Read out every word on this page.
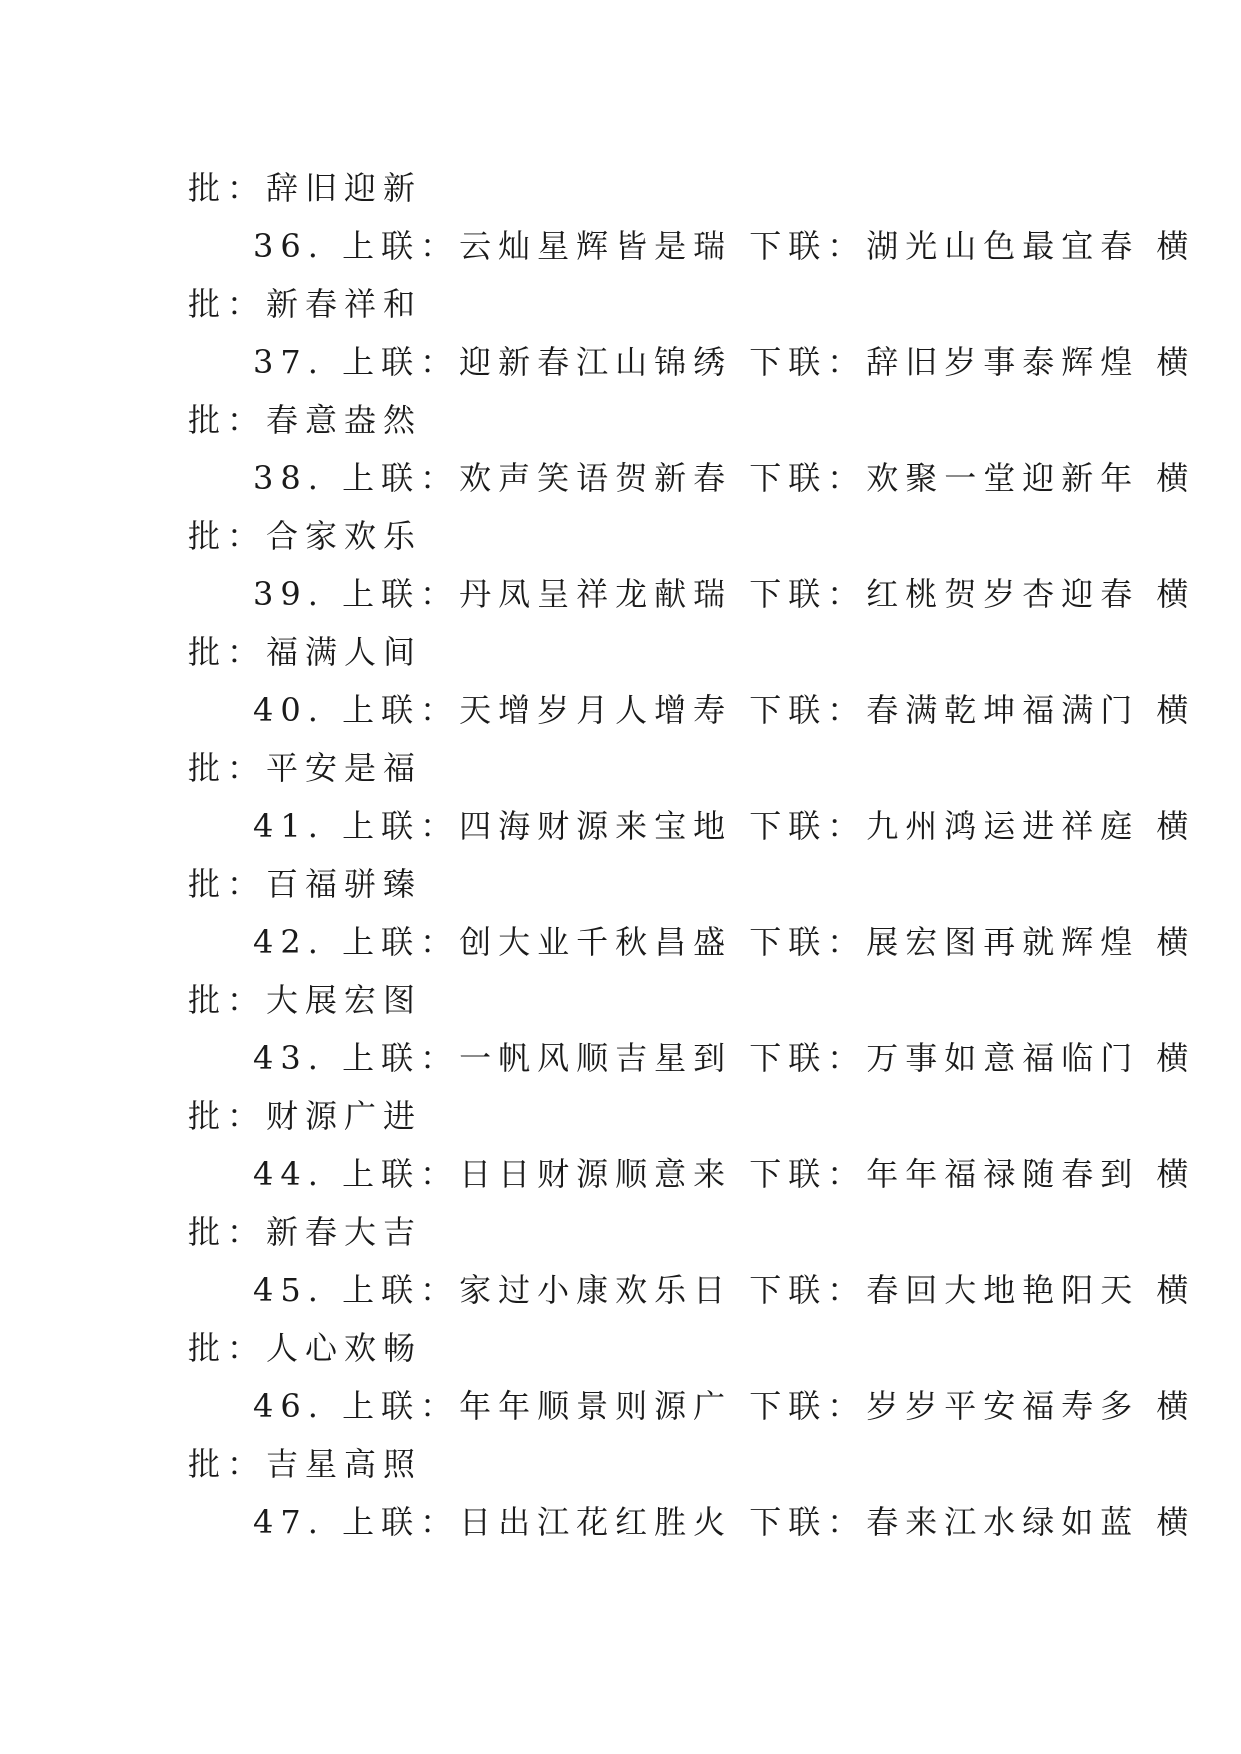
批：辞旧迎新
36. 上联：云灿星辉皆是瑞 下联：湖光山色最宜春 横
批：新春祥和
37. 上联：迎新春江山锦绣 下联：辞旧岁事泰辉煌 横
批：春意盎然
38. 上联：欢声笑语贺新春 下联：欢聚一堂迎新年 横
批：合家欢乐
39. 上联：丹凤呈祥龙献瑞 下联：红桃贺岁杏迎春 横
批：福满人间
40. 上联：天增岁月人增寿 下联：春满乾坤福满门 横
批：平安是福
41. 上联：四海财源来宝地 下联：九州鸿运进祥庭 横
批：百福骈臻
42. 上联：创大业千秋昌盛 下联：展宏图再就辉煌 横
批：大展宏图
43. 上联：一帆风顺吉星到 下联：万事如意福临门 横
批：财源广进
44. 上联：日日财源顺意来 下联：年年福禄随春到 横
批：新春大吉
45. 上联：家过小康欢乐日 下联：春回大地艳阳天 横
批：人心欢畅
46. 上联：年年顺景则源广 下联：岁岁平安福寿多 横
批：吉星高照
47. 上联：日出江花红胜火 下联：春来江水绿如蓝 横
